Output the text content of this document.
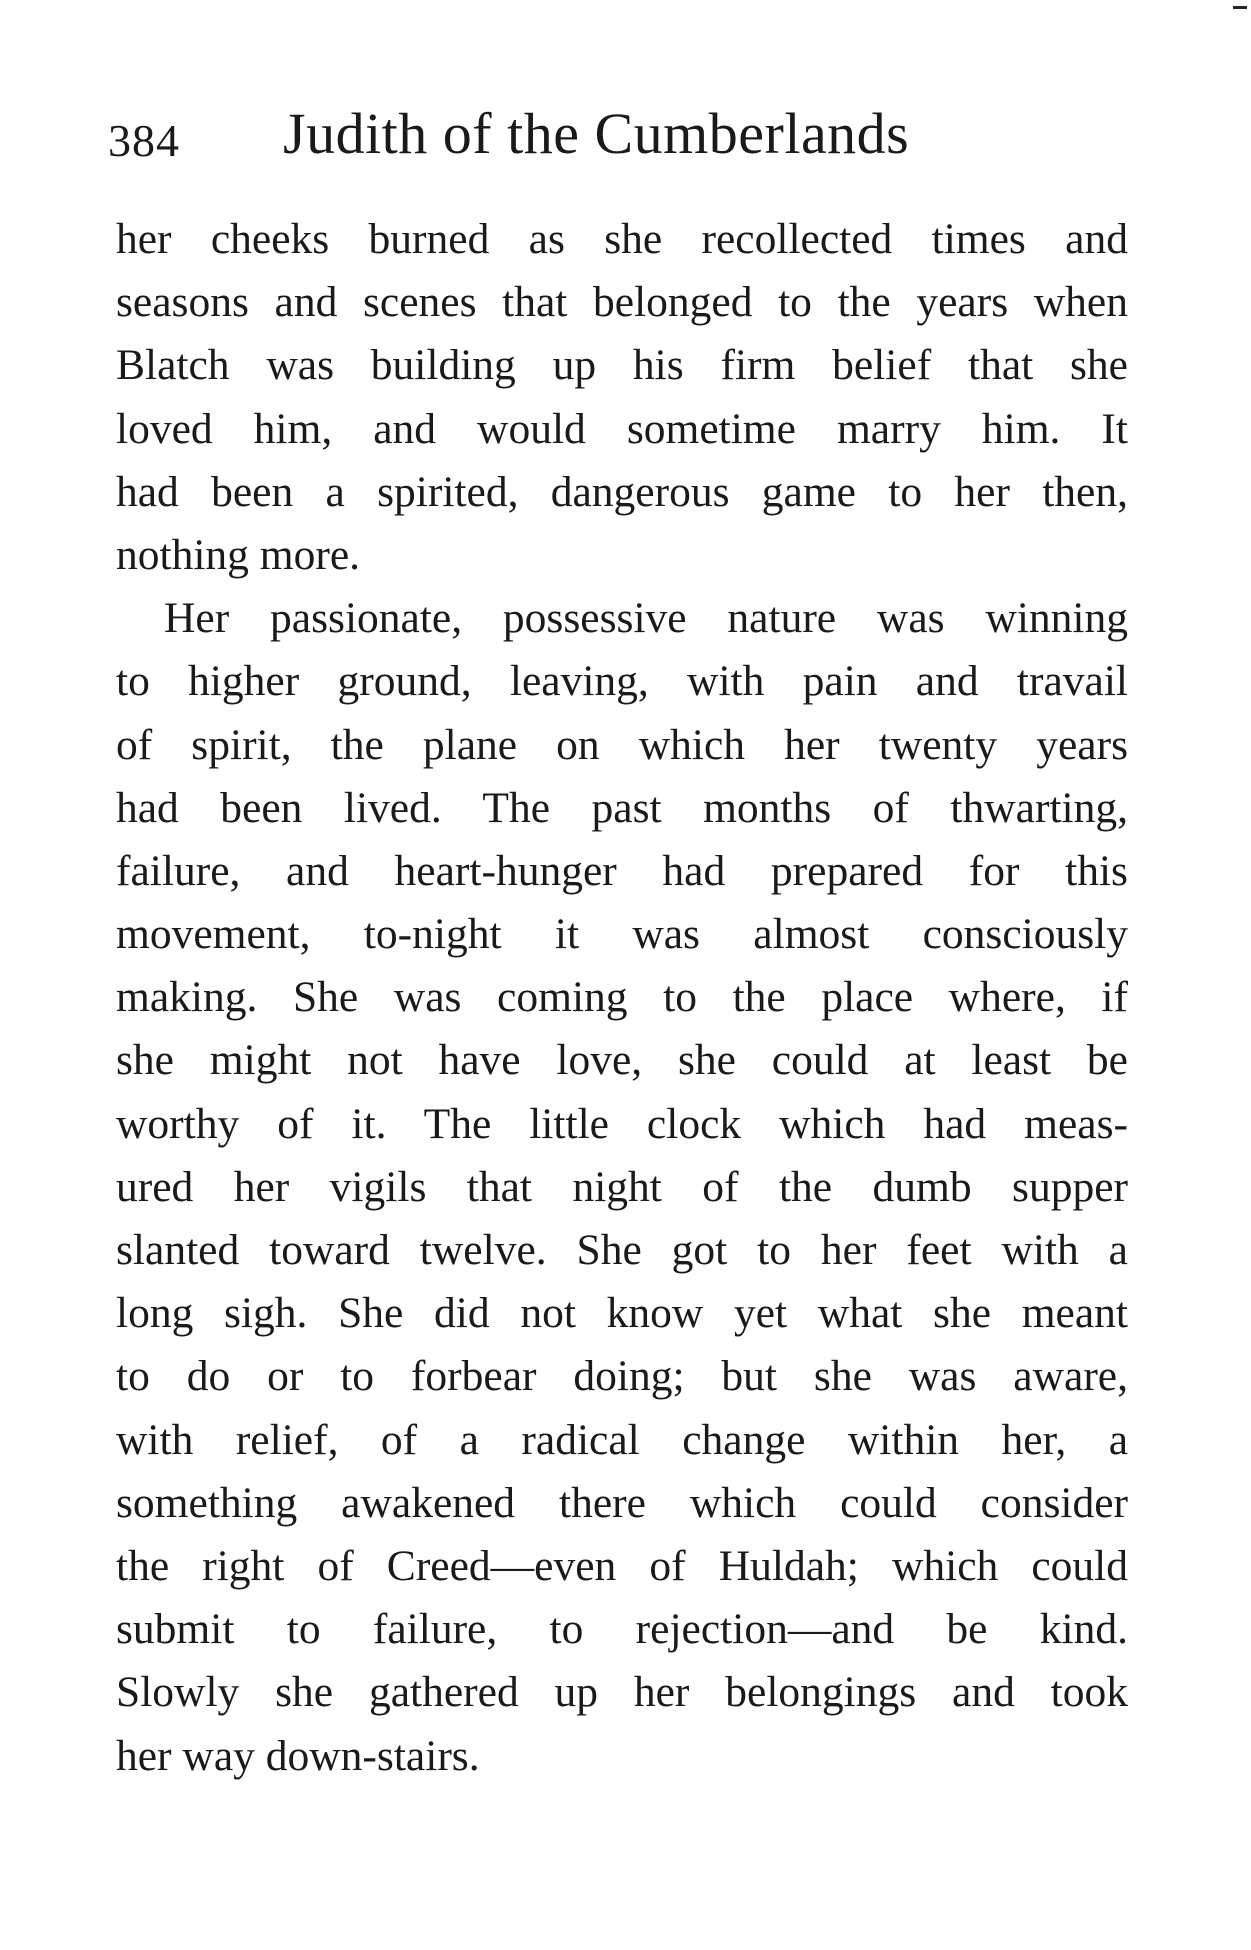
384 Judith of the Cumberlands
her cheeks burned as she recollected times and
seasons and scenes that belonged to the years when
Blatch was building up his firm belief that she
loved him, and would sometime marry him. It
had been a spirited, dangerous game to her then,
nothing more.
Her passionate, possessive nature was winning
to higher ground, leaving, with pain and travail
of spirit, the plane on which her twenty years
had been lived. The past months of thwarting,
failure, and heart-hunger had prepared for this
movement, to-night it was almost consciously
making. She was coming to the place where, if
she might not have love, she could at least be
worthy of it. The little clock which had meas-
ured her vigils that night of the dumb supper
slanted toward twelve. She got to her feet with a
long sigh. She did not know yet what she meant
to do or to forbear doing; but she was aware,
with relief, of a radical change within her, a
something awakened there which could consider
the right of Creed—even of Huldah; which could
submit to failure, to rejection—and be kind.
Slowly she gathered up her belongings and took
her way down-stairs.
